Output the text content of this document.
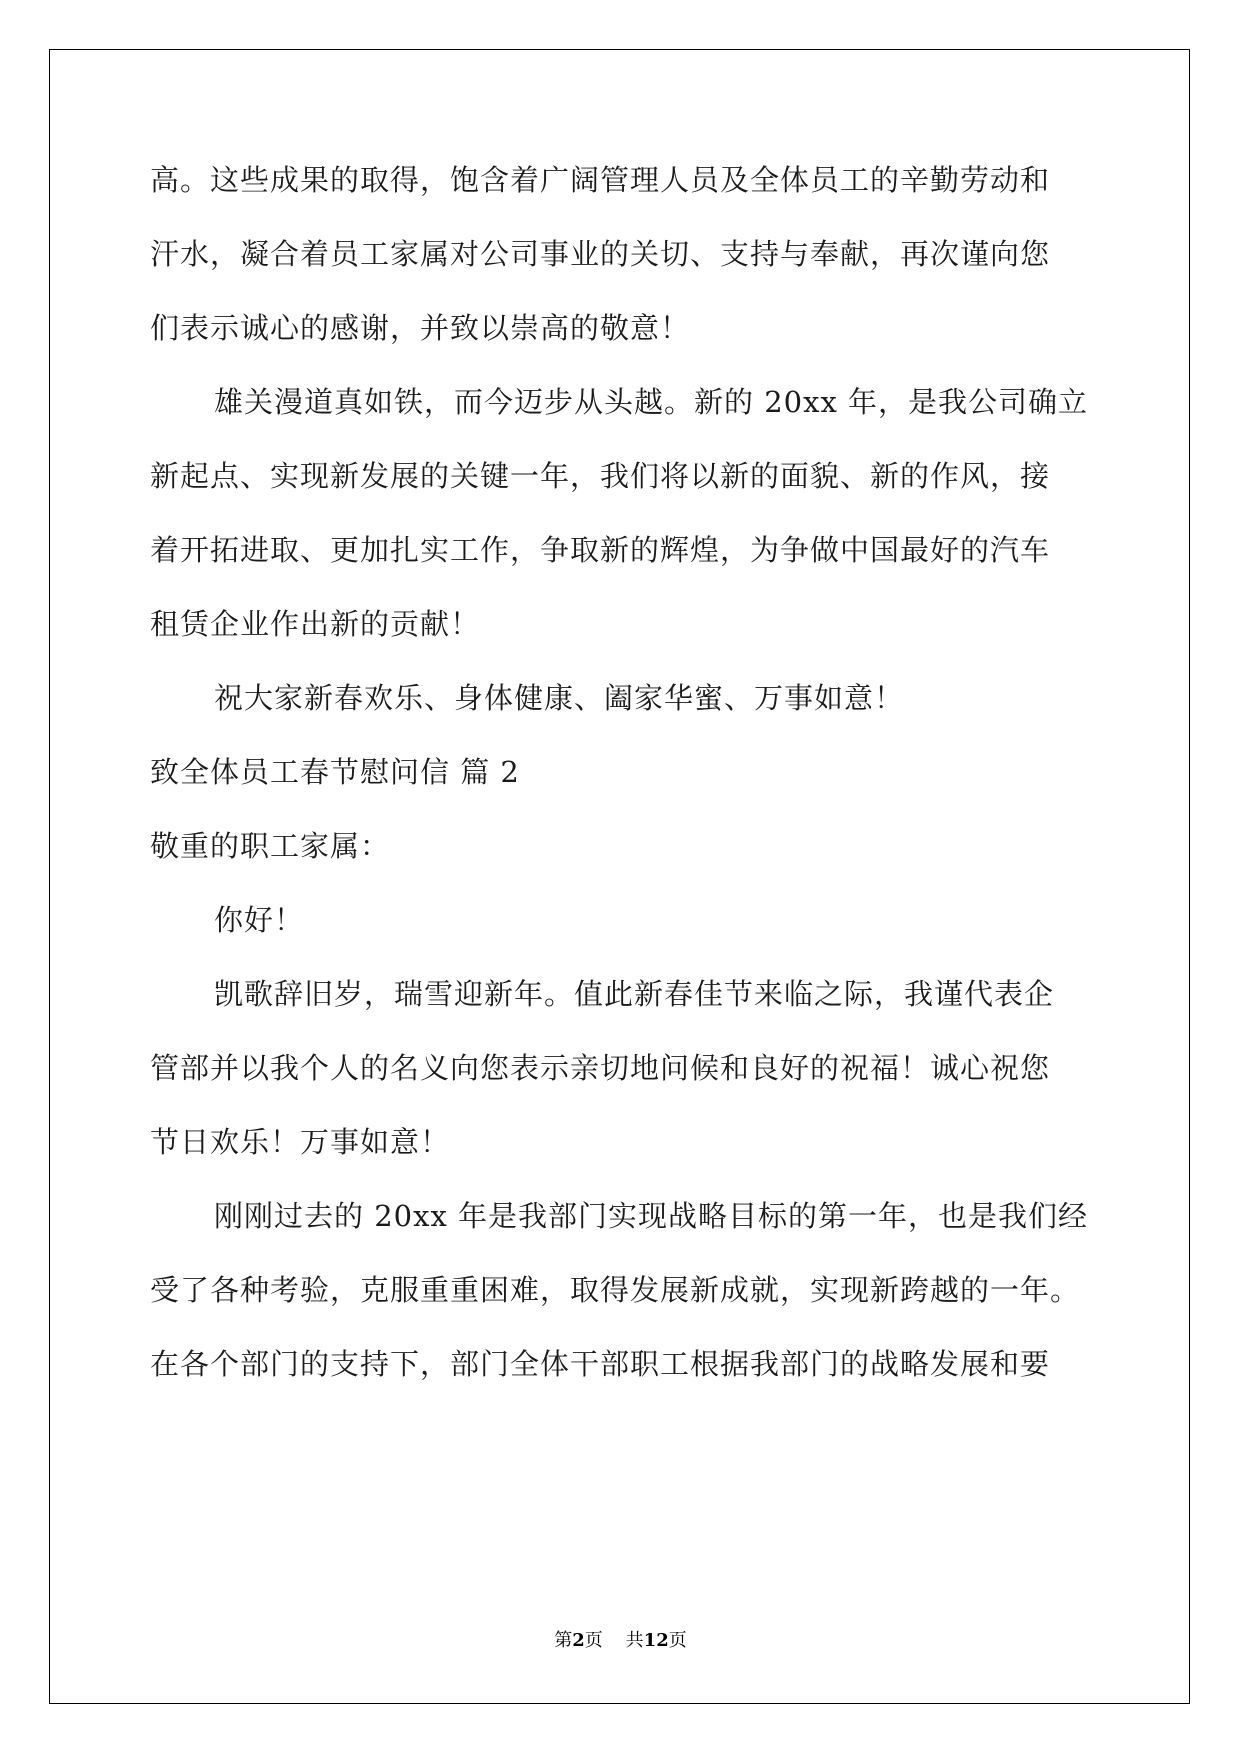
高。这些成果的取得，饱含着广阔管理人员及全体员工的辛勤劳动和
汗水，凝合着员工家属对公司事业的关切、支持与奉献，再次谨向您
们表示诚心的感谢，并致以崇高的敬意！
雄关漫道真如铁，而今迈步从头越。新的 20xx 年，是我公司确立
新起点、实现新发展的关键一年，我们将以新的面貌、新的作风，接
着开拓进取、更加扎实工作，争取新的辉煌，为争做中国最好的汽车
租赁企业作出新的贡献！
祝大家新春欢乐、身体健康、阖家华蜜、万事如意！
致全体员工春节慰问信 篇 2
敬重的职工家属：
你好！
凯歌辞旧岁，瑞雪迎新年。值此新春佳节来临之际，我谨代表企
管部并以我个人的名义向您表示亲切地问候和良好的祝福！诚心祝您
节日欢乐！万事如意！
刚刚过去的 20xx 年是我部门实现战略目标的第一年，也是我们经
受了各种考验，克服重重困难，取得发展新成就，实现新跨越的一年。
在各个部门的支持下，部门全体干部职工根据我部门的战略发展和要
第2页 共12页
